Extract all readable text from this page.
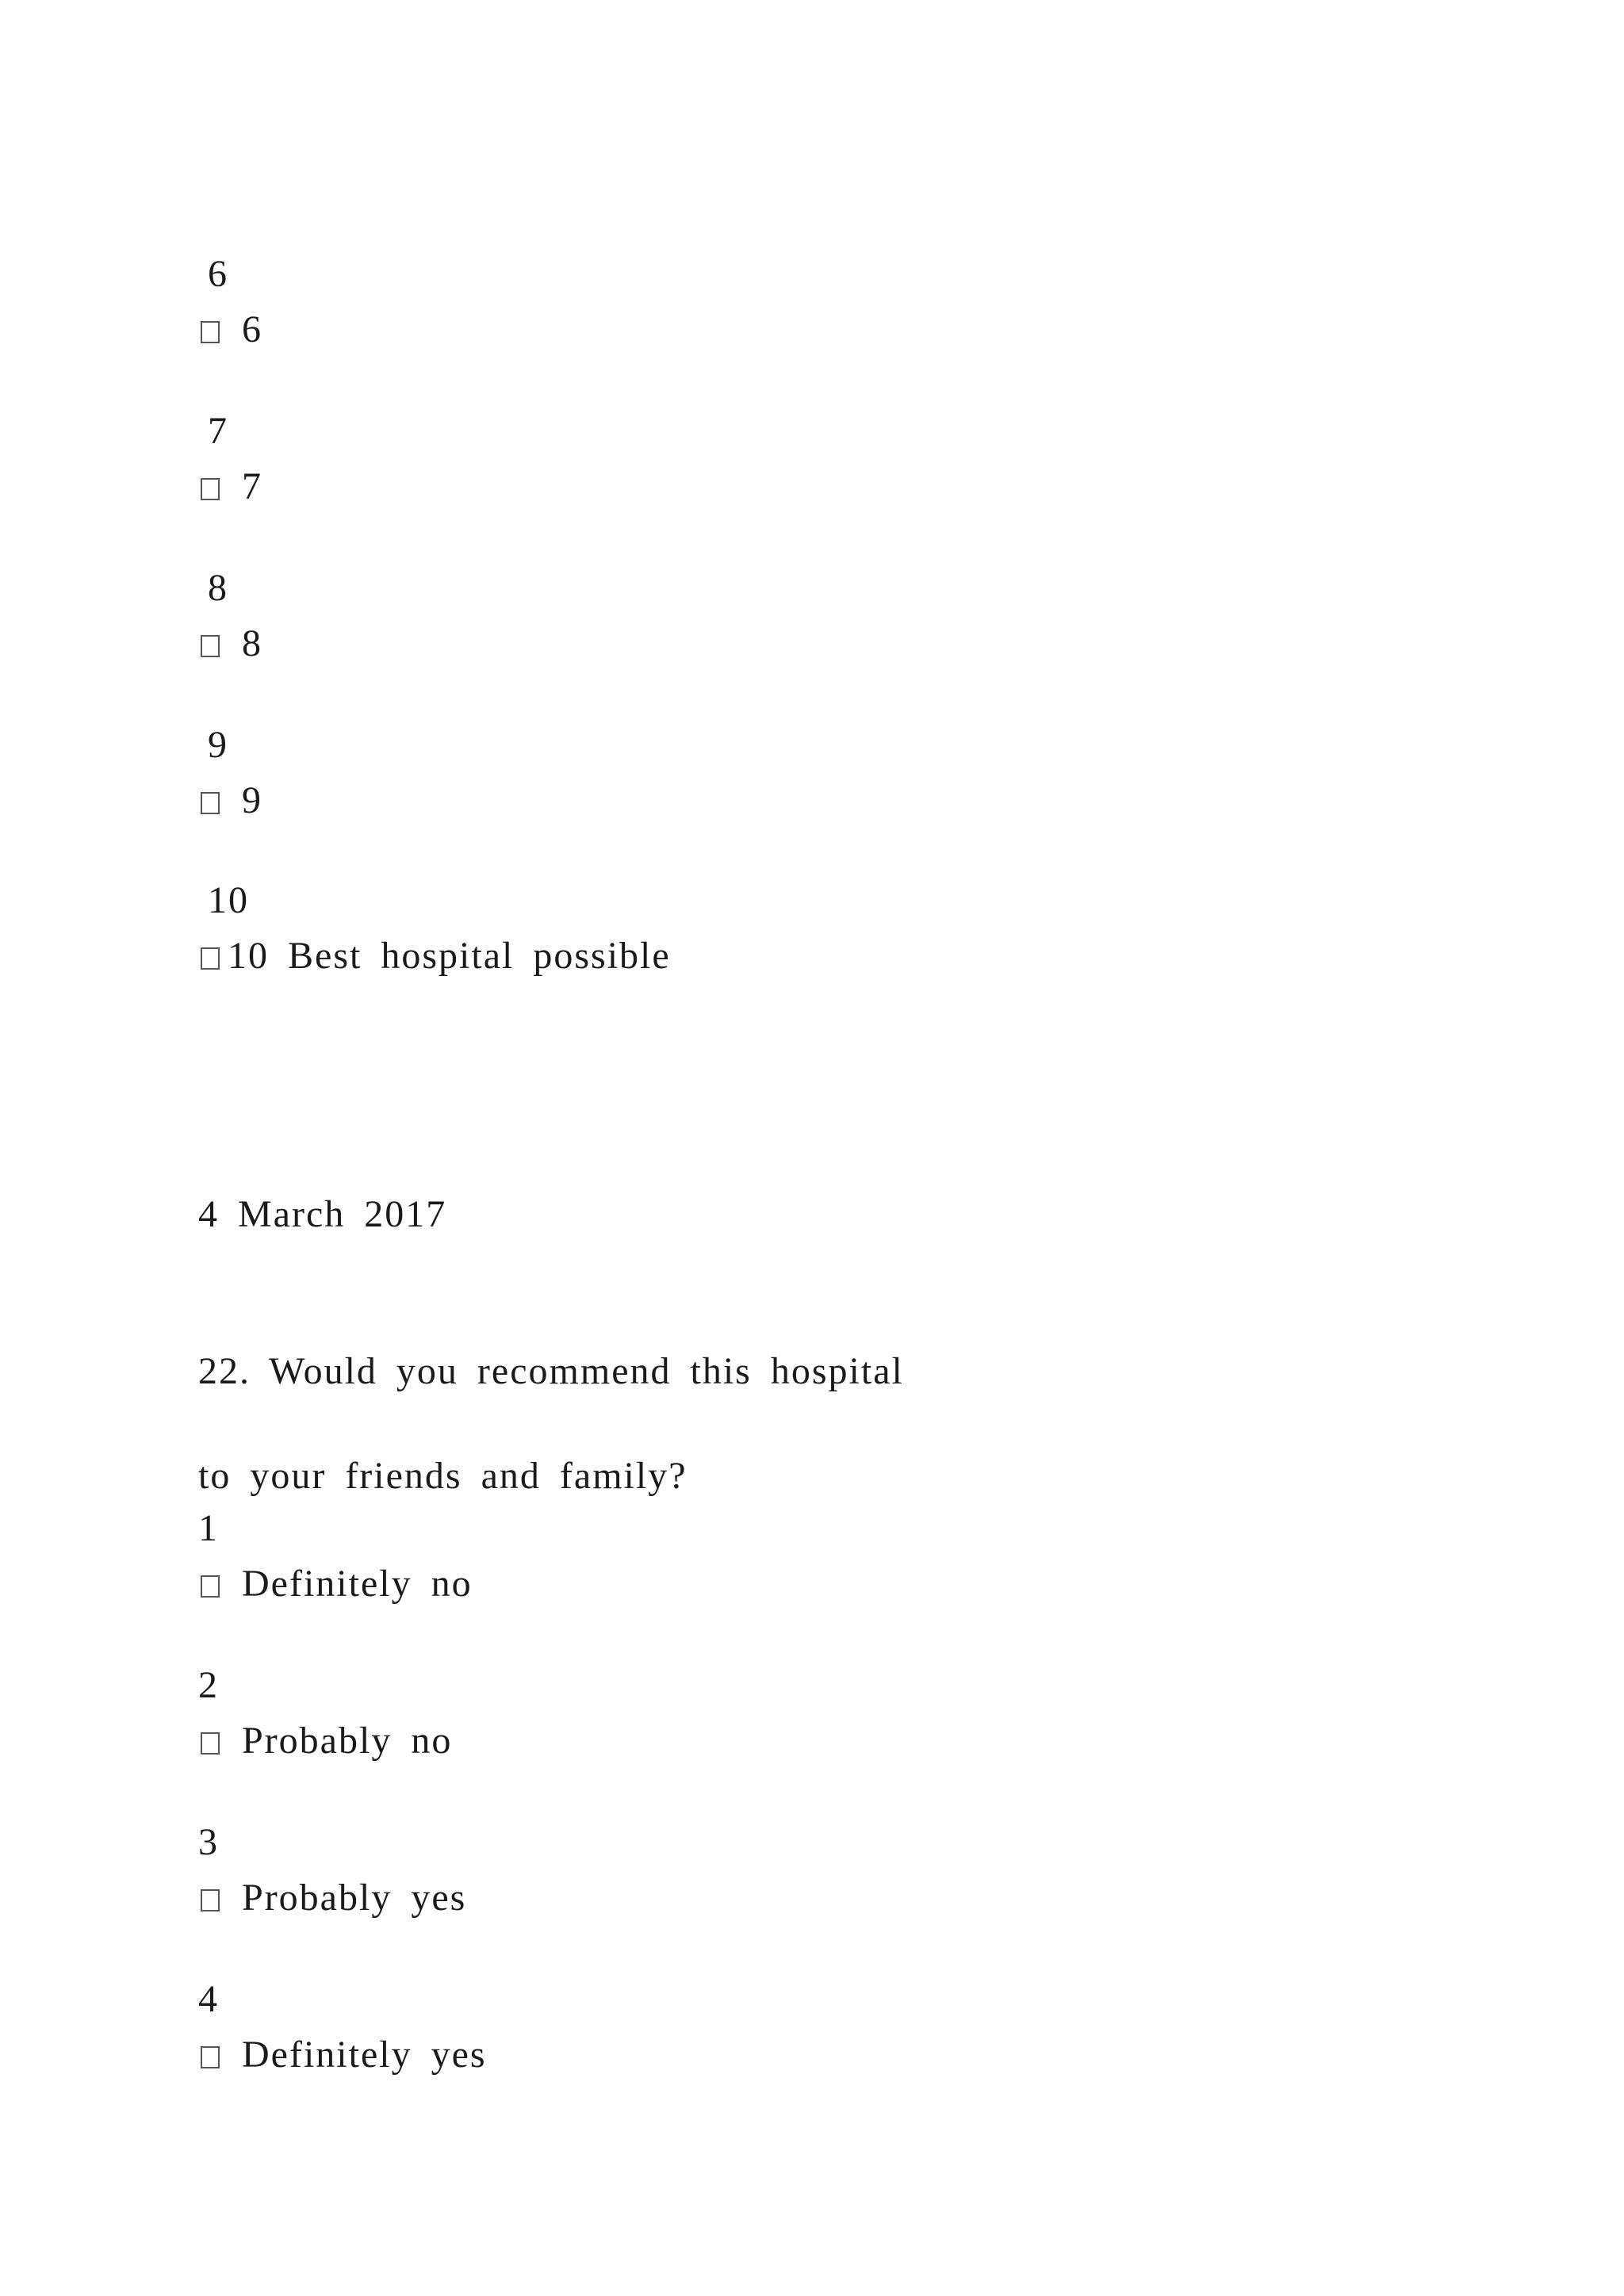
6
6
7
7
8
8
9
9
10
10 Best hospital possible
4 March 2017
22. Would you recommend this hospital
to your friends and family?
1
Definitely no
2
Probably no
3
Probably yes
4
Definitely yes
